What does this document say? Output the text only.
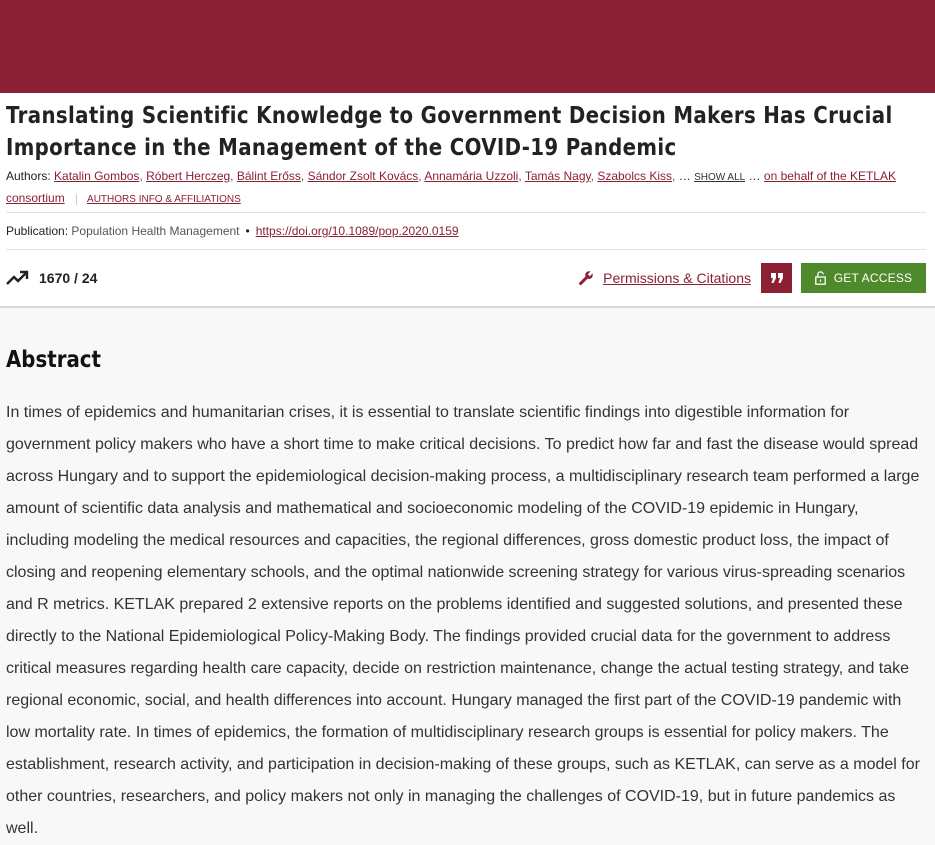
Translating Scientific Knowledge to Government Decision Makers Has Crucial Importance in the Management of the COVID-19 Pandemic
Authors: Katalin Gombos, Róbert Herczeg, Bálint Erőss, Sándor Zsolt Kovács, Annamária Uzzoli, Tamás Nagy, Szabolcs Kiss, … SHOW ALL … on behalf of the KETLAK consortium AUTHORS INFO & AFFILIATIONS
Publication: Population Health Management • https://doi.org/10.1089/pop.2020.0159
1670 / 24	Permissions & Citations	GET ACCESS
Abstract

In times of epidemics and humanitarian crises, it is essential to translate scientific findings into digestible information for government policy makers who have a short time to make critical decisions. To predict how far and fast the disease would spread across Hungary and to support the epidemiological decision-making process, a multidisciplinary research team performed a large amount of scientific data analysis and mathematical and socioeconomic modeling of the COVID-19 epidemic in Hungary, including modeling the medical resources and capacities, the regional differences, gross domestic product loss, the impact of closing and reopening elementary schools, and the optimal nationwide screening strategy for various virus-spreading scenarios and R metrics. KETLAK prepared 2 extensive reports on the problems identified and suggested solutions, and presented these directly to the National Epidemiological Policy-Making Body. The findings provided crucial data for the government to address critical measures regarding health care capacity, decide on restriction maintenance, change the actual testing strategy, and take regional economic, social, and health differences into account. Hungary managed the first part of the COVID-19 pandemic with low mortality rate. In times of epidemics, the formation of multidisciplinary research groups is essential for policy makers. The establishment, research activity, and participation in decision-making of these groups, such as KETLAK, can serve as a model for other countries, researchers, and policy makers not only in managing the challenges of COVID-19, but in future pandemics as well.
